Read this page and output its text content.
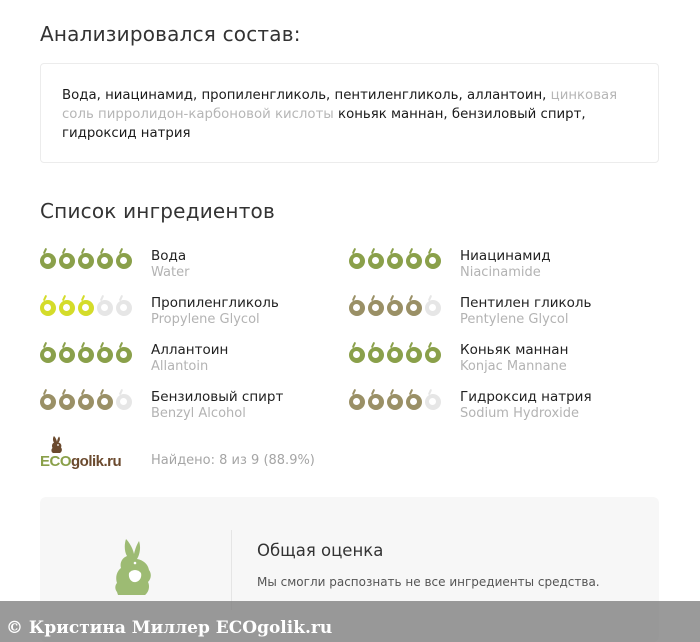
Анализировался состав:
Вода, ниацинамид, пропиленгликоль, пентиленгликоль, аллантоин, цинковая соль пирролидон-карбоновой кислоты коньяк маннан, бензиловый спирт, гидроксид натрия
Список ингредиентов
Вода
Water
Ниацинамид
Niacinamide
Пропиленгликоль
Propylene Glycol
Пентилен гликоль
Pentylene Glycol
Аллантоин
Allantoin
Коньяк маннан
Konjac Mannane
Бензиловый спирт
Benzyl Alcohol
Гидроксид натрия
Sodium Hydroxide
ECOgolik.ru Найдено: 8 из 9 (88.9%)
Общая оценка
Мы смогли распознать не все ингредиенты средства.
© Кристина Миллер ECOgolik.ru
